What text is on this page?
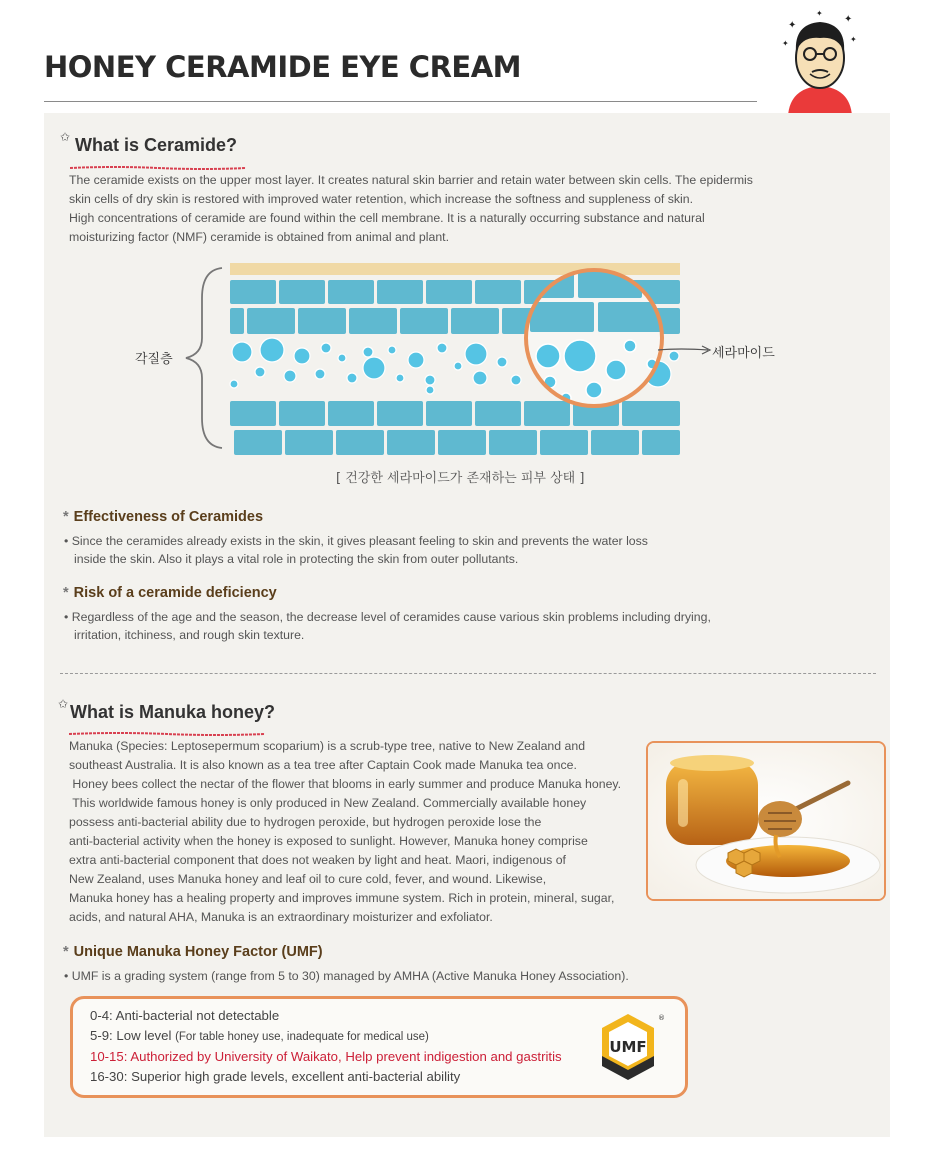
HONEY CERAMIDE EYE CREAM
✦
✦
✦
✦
✦
✩ What is Ceramide?

The ceramide exists on the upper most layer. It creates natural skin barrier and retain water between skin cells. The epidermis

skin cells of dry skin is restored with improved water retention, which increase the softness and suppleness of skin.

High concentrations of ceramide are found within the cell membrane. It is a naturally occurring substance and natural

moisturizing factor (NMF) ceramide is obtained from animal and plant.

각질층	세라마이드
[ 건강한 세라마이드가 존재하는 피부 상태 ]
* Effectiveness of Ceramides

• Since the ceramides already exists in the skin, it gives pleasant feeling to skin and prevents the water loss

inside the skin. Also it plays a vital role in protecting the skin from outer pollutants.

* Risk of a ceramide deficiency

• Regardless of the age and the season, the decrease level of ceramides cause various skin problems including drying,

irritation, itchiness, and rough skin texture.

✩ What is Manuka honey?

Manuka (Species: Leptosepermum scoparium) is a scrub-type tree, native to New Zealand and

southeast Australia. It is also known as a tea tree after Captain Cook made Manuka tea once.

Honey bees collect the nectar of the flower that blooms in early summer and produce Manuka honey.

This worldwide famous honey is only produced in New Zealand. Commercially available honey

possess anti-bacterial ability due to hydrogen peroxide, but hydrogen peroxide lose the

anti-bacterial activity when the honey is exposed to sunlight. However, Manuka honey comprise

extra anti-bacterial component that does not weaken by light and heat. Maori, indigenous of

New Zealand, uses Manuka honey and leaf oil to cure cold, fever, and wound. Likewise,

Manuka honey has a healing property and improves immune system. Rich in protein, mineral, sugar,

acids, and natural AHA, Manuka is an extraordinary moisturizer and exfoliator.

* Unique Manuka Honey Factor (UMF)

• UMF is a grading system (range from 5 to 30) managed by AMHA (Active Manuka Honey Association).

0-4: Anti-bacterial not detectable

5-9: Low level (For table honey use, inadequate for medical use)

10-15: Authorized by University of Waikato, Help prevent indigestion and gastritis

16-30: Superior high grade levels, excellent anti-bacterial ability

UMF
®
